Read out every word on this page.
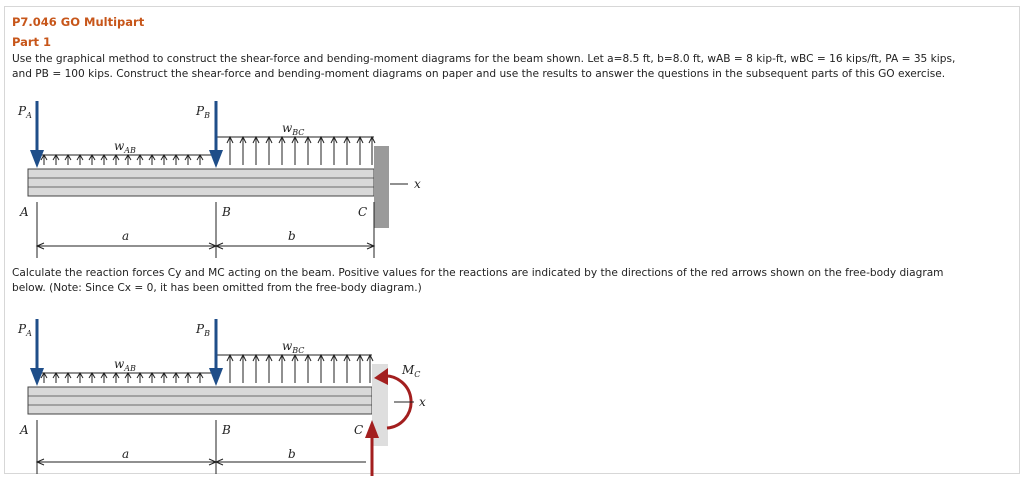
P7.046 GO Multipart
Part 1
Use the graphical method to construct the shear-force and bending-moment diagrams for the beam shown. Let a=8.5 ft, b=8.0 ft, wAB = 8 kip-ft, wBC = 16 kips/ft, PA = 35 kips,
and PB = 100 kips. Construct the shear-force and bending-moment diagrams on paper and use the results to answer the questions in the subsequent parts of this GO exercise.
x
$P_A$	$P_B$
$w_{AB}$
$w_{BC}$
A	B	C
a	b
Calculate the reaction forces Cy and MC acting on the beam. Positive values for the reactions are indicated by the directions of the red arrows shown on the free-body diagram
below. (Note: Since Cx = 0, it has been omitted from the free-body diagram.)
x
$P_A$	$P_B$
$w_{AB}$
$w_{BC}$
$M_C$
A	B	C
a	b
